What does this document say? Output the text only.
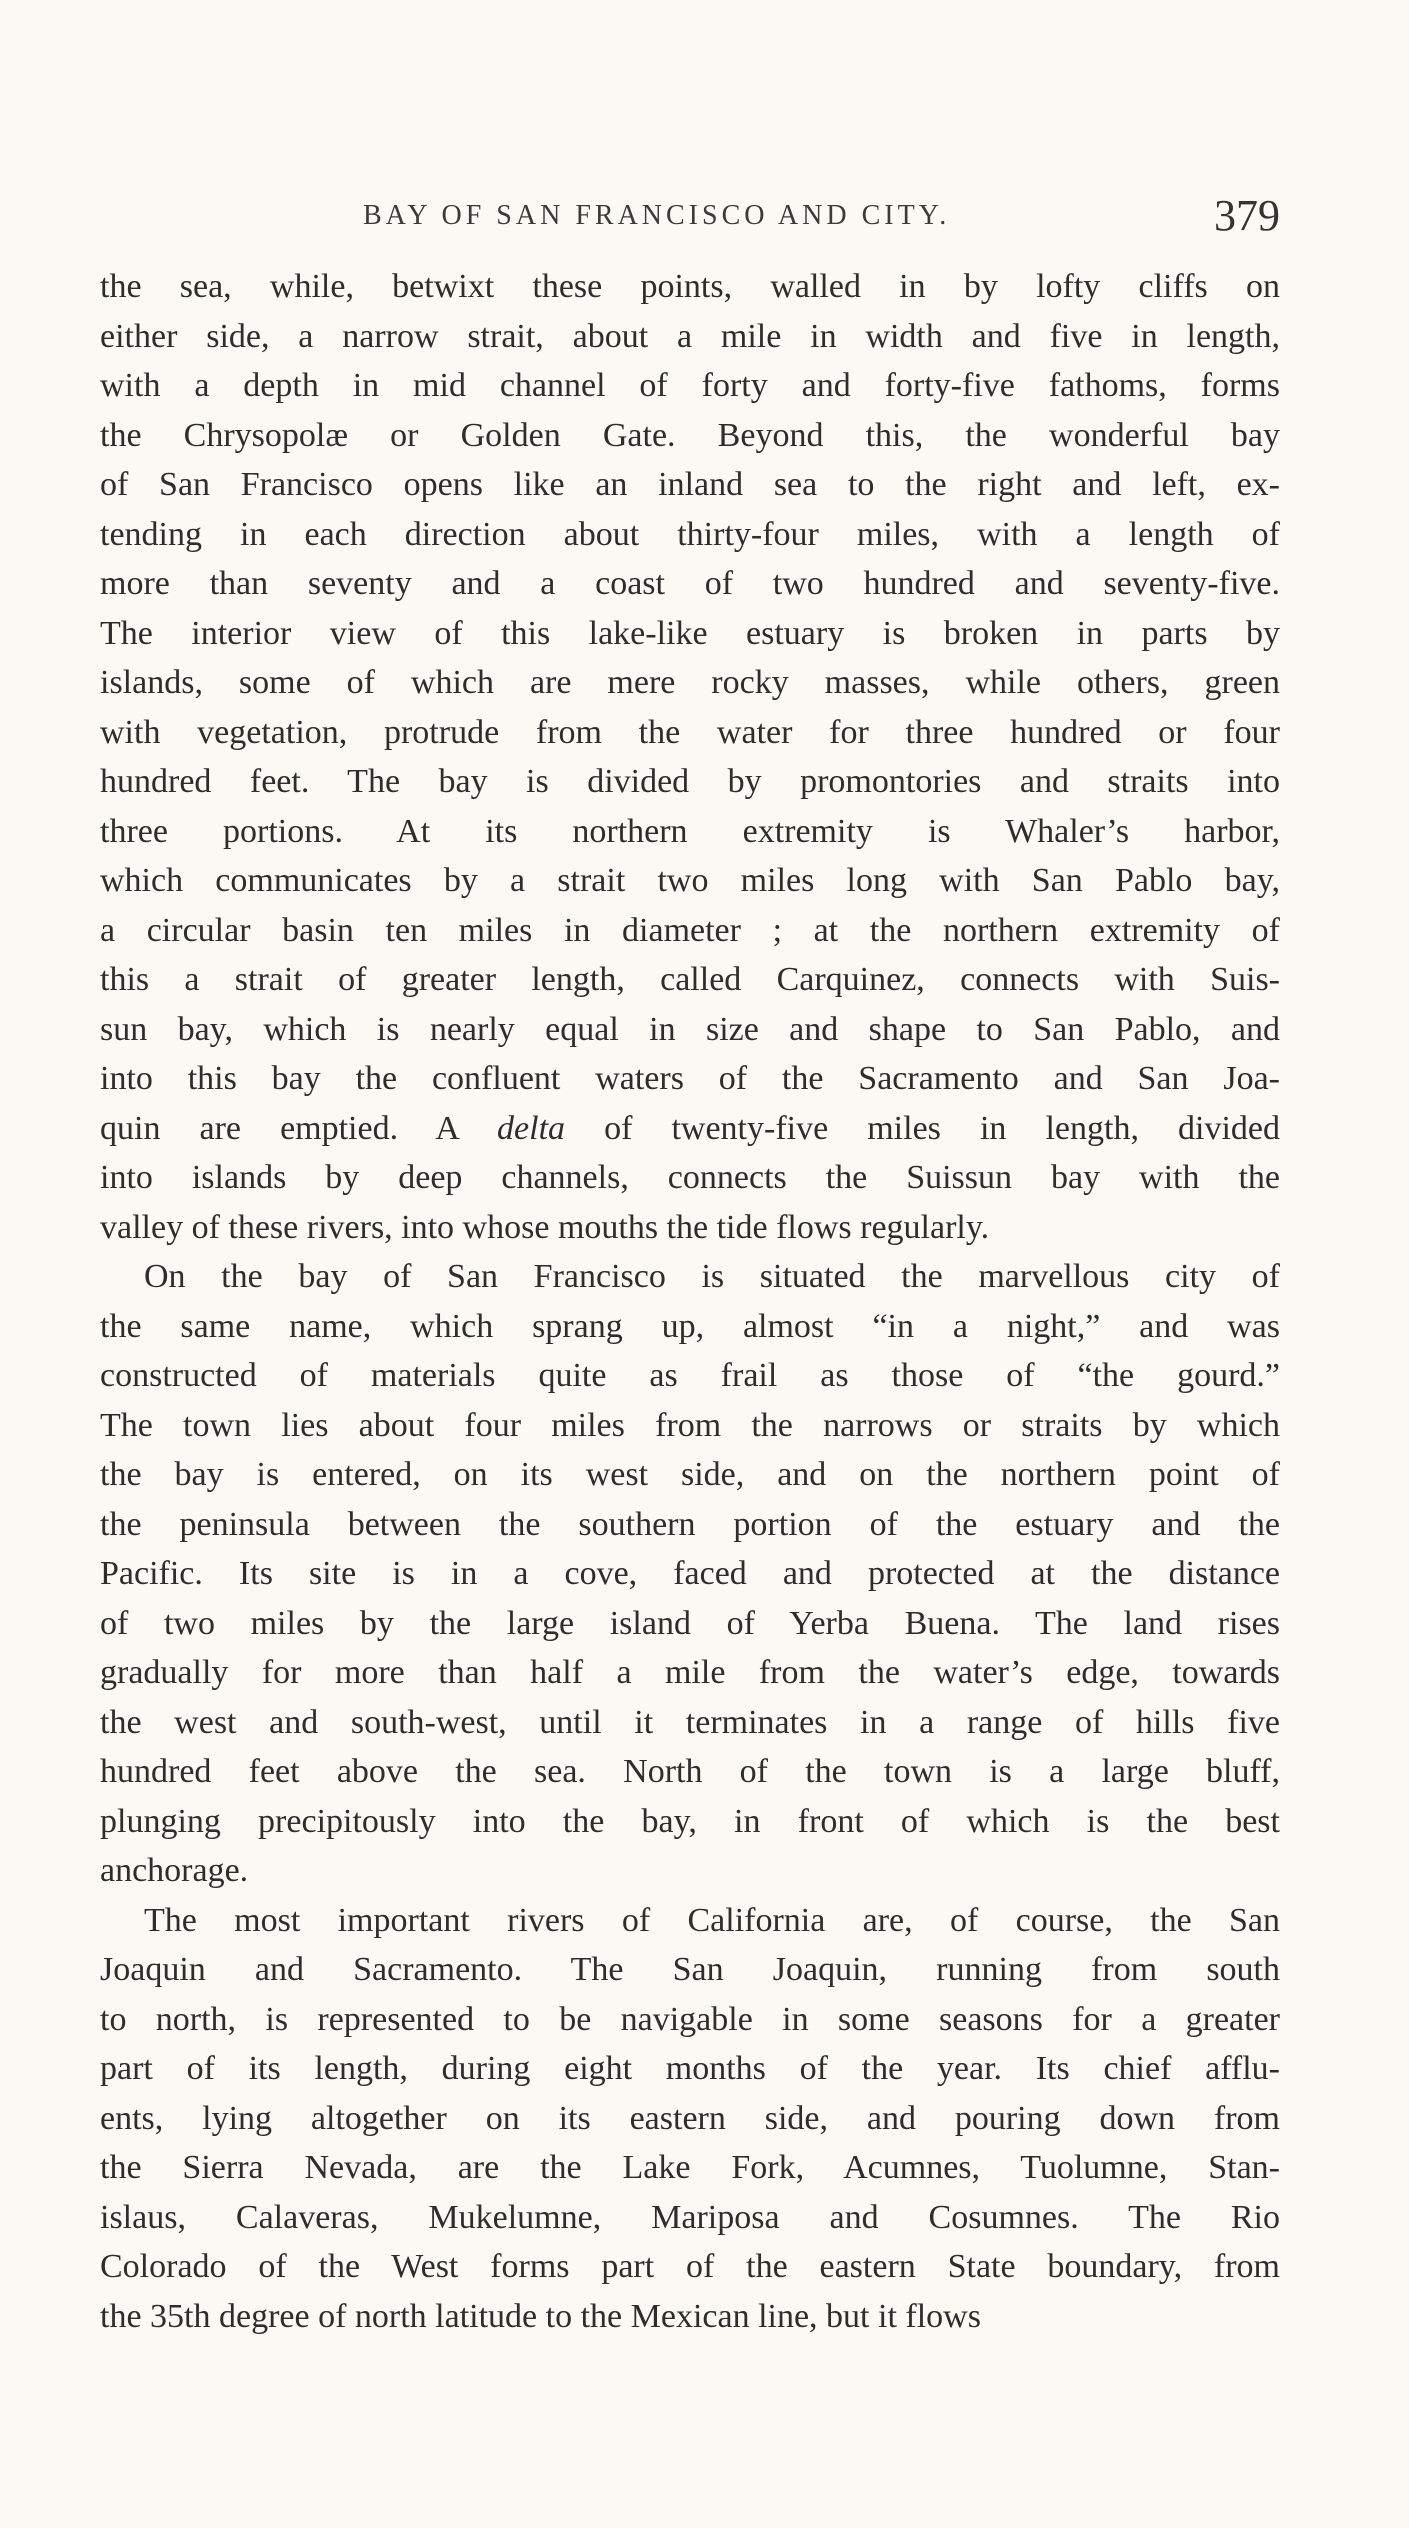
BAY OF SAN FRANCISCO AND CITY.	379
the sea, while, betwixt these points, walled in by lofty cliffs on
either side, a narrow strait, about a mile in width and five in length,
with a depth in mid channel of forty and forty-five fathoms, forms
the Chrysopolæ or Golden Gate. Beyond this, the wonderful bay
of San Francisco opens like an inland sea to the right and left, ex-
tending in each direction about thirty-four miles, with a length of
more than seventy and a coast of two hundred and seventy-five.
The interior view of this lake-like estuary is broken in parts by
islands, some of which are mere rocky masses, while others, green
with vegetation, protrude from the water for three hundred or four
hundred feet. The bay is divided by promontories and straits into
three portions. At its northern extremity is Whaler’s harbor,
which communicates by a strait two miles long with San Pablo bay,
a circular basin ten miles in diameter ; at the northern extremity of
this a strait of greater length, called Carquinez, connects with Suis-
sun bay, which is nearly equal in size and shape to San Pablo, and
into this bay the confluent waters of the Sacramento and San Joa-
quin are emptied. A delta of twenty-five miles in length, divided
into islands by deep channels, connects the Suissun bay with the
valley of these rivers, into whose mouths the tide flows regularly.
On the bay of San Francisco is situated the marvellous city of
the same name, which sprang up, almost “in a night,” and was
constructed of materials quite as frail as those of “the gourd.”
The town lies about four miles from the narrows or straits by which
the bay is entered, on its west side, and on the northern point of
the peninsula between the southern portion of the estuary and the
Pacific. Its site is in a cove, faced and protected at the distance
of two miles by the large island of Yerba Buena. The land rises
gradually for more than half a mile from the water’s edge, towards
the west and south-west, until it terminates in a range of hills five
hundred feet above the sea. North of the town is a large bluff,
plunging precipitously into the bay, in front of which is the best
anchorage.
The most important rivers of California are, of course, the San
Joaquin and Sacramento. The San Joaquin, running from south
to north, is represented to be navigable in some seasons for a greater
part of its length, during eight months of the year. Its chief afflu-
ents, lying altogether on its eastern side, and pouring down from
the Sierra Nevada, are the Lake Fork, Acumnes, Tuolumne, Stan-
islaus, Calaveras, Mukelumne, Mariposa and Cosumnes. The Rio
Colorado of the West forms part of the eastern State boundary, from
the 35th degree of north latitude to the Mexican line, but it flows
